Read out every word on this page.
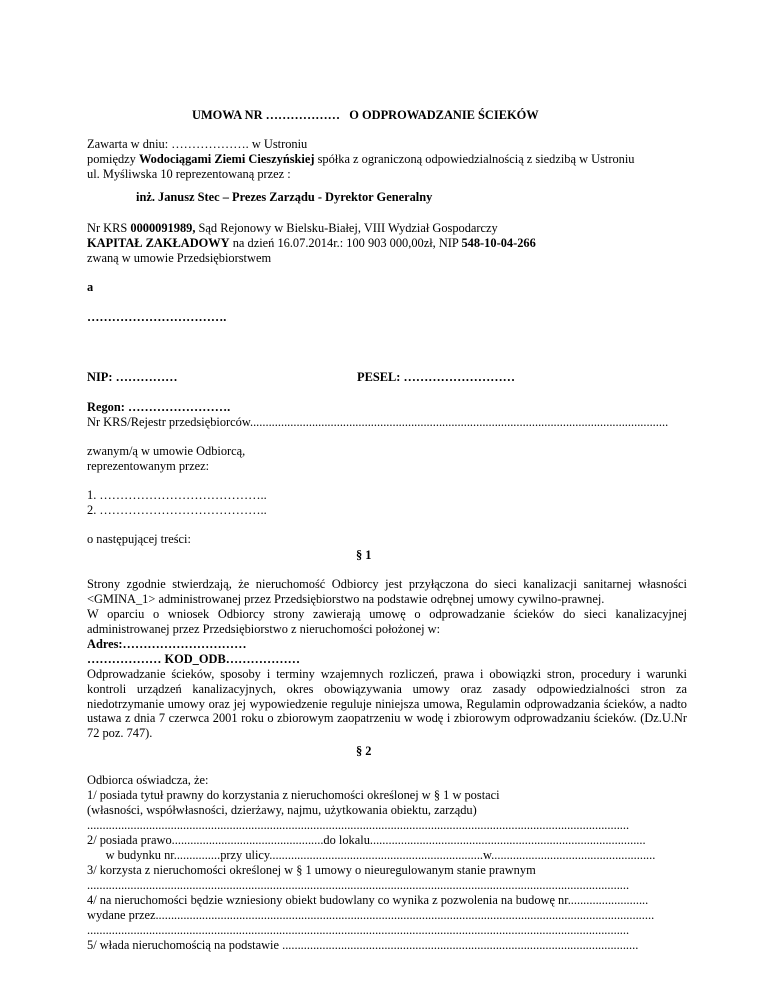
UMOWA NR ……………… O ODPROWADZANIE ŚCIEKÓW
Zawarta w dniu: ………………. w Ustroniu
pomiędzy Wodociągami Ziemi Cieszyńskiej spółka z ograniczoną odpowiedzialnością z siedzibą w Ustroniu
ul. Myśliwska 10 reprezentowaną przez :
inż. Janusz Stec – Prezes Zarządu - Dyrektor Generalny
Nr KRS 0000091989, Sąd Rejonowy w Bielsku-Białej, VIII Wydział Gospodarczy
KAPITAŁ ZAKŁADOWY na dzień 16.07.2014r.: 100 903 000,00zł, NIP 548-10-04-266
zwaną w umowie Przedsiębiorstwem
a
…………………………….
NIP: ……………	PESEL: ………………………
Regon: …………………….
Nr KRS/Rejestr przedsiębiorców.......................................................................................................................................
zwanym/ą w umowie Odbiorcą,
reprezentowanym przez:
1. …………………………………..
2. …………………………………..
o następującej treści:
§ 1
Strony zgodnie stwierdzają, że nieruchomość Odbiorcy jest przyłączona do sieci kanalizacji sanitarnej własności <GMINA_1> administrowanej przez Przedsiębiorstwo na podstawie odrębnej umowy cywilno-prawnej.
W oparciu o wniosek Odbiorcy strony zawierają umowę o odprowadzanie ścieków do sieci kanalizacyjnej administrowanej przez Przedsiębiorstwo z nieruchomości położonej w:
Adres:…………………………
……………… KOD_ODB………………
Odprowadzanie ścieków, sposoby i terminy wzajemnych rozliczeń, prawa i obowiązki stron, procedury i warunki kontroli urządzeń kanalizacyjnych, okres obowiązywania umowy oraz zasady odpowiedzialności stron za niedotrzymanie umowy oraz jej wypowiedzenie reguluje niniejsza umowa, Regulamin odprowadzania ścieków, a nadto ustawa z dnia 7 czerwca 2001 roku o zbiorowym zaopatrzeniu w wodę i zbiorowym odprowadzaniu ścieków. (Dz.U.Nr 72 poz. 747).
§ 2
Odbiorca oświadcza, że:
1/ posiada tytuł prawny do korzystania z nieruchomości określonej w § 1 w postaci
(własności, współwłasności, dzierżawy, najmu, użytkowania obiektu, zarządu)
...............................................................................................................................................................................
2/ posiada prawo.................................................do lokalu.........................................................................................
w budynku nr...............przy ulicy.....................................................................w.....................................................
3/ korzysta z nieruchomości określonej w § 1 umowy o nieuregulowanym stanie prawnym
...............................................................................................................................................................................
4/ na nieruchomości będzie wzniesiony obiekt budowlany co wynika z pozwolenia na budowę nr..........................
wydane przez.................................................................................................................................................................
...............................................................................................................................................................................
5/ włada nieruchomością na podstawie ...................................................................................................................
